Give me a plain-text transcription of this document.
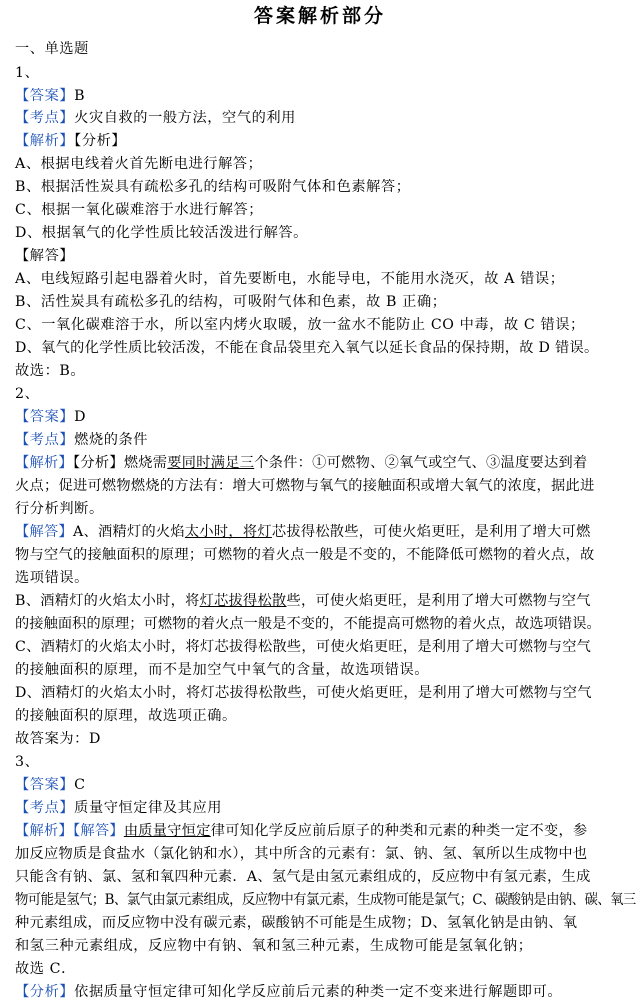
答案解析部分
一、单选题
1、
【答案】B
【考点】火灾自救的一般方法，空气的利用
【解析】【分析】
A、根据电线着火首先断电进行解答；
B、根据活性炭具有疏松多孔的结构可吸附气体和色素解答；
C、根据一氧化碳难溶于水进行解答；
D、根据氧气的化学性质比较活泼进行解答。
【解答】
A、电线短路引起电器着火时，首先要断电，水能导电，不能用水浇灭，故 A 错误；
B、活性炭具有疏松多孔的结构，可吸附气体和色素，故 B 正确；
C、一氧化碳难溶于水，所以室内烤火取暖，放一盆水不能防止 CO 中毒，故 C 错误；
D、氧气的化学性质比较活泼，不能在食品袋里充入氧气以延长食品的保持期，故 D 错误。
故选：B。
2、
【答案】D
【考点】燃烧的条件
【解析】【分析】燃烧需要同时满足三个条件：①可燃物、②氧气或空气、③温度要达到着
火点；促进可燃物燃烧的方法有：增大可燃物与氧气的接触面积或增大氧气的浓度，据此进
行分析判断。
【解答】A、酒精灯的火焰太小时，将灯芯拔得松散些，可使火焰更旺，是利用了增大可燃
物与空气的接触面积的原理；可燃物的着火点一般是不变的，不能降低可燃物的着火点，故
选项错误。
B、酒精灯的火焰太小时，将灯芯拔得松散些，可使火焰更旺，是利用了增大可燃物与空气
的接触面积的原理；可燃物的着火点一般是不变的，不能提高可燃物的着火点，故选项错误。
C、酒精灯的火焰太小时，将灯芯拔得松散些，可使火焰更旺，是利用了增大可燃物与空气
的接触面积的原理，而不是加空气中氧气的含量，故选项错误。
D、酒精灯的火焰太小时，将灯芯拔得松散些，可使火焰更旺，是利用了增大可燃物与空气
的接触面积的原理，故选项正确。
故答案为：D
3、
【答案】C
【考点】质量守恒定律及其应用
【解析】【解答】由质量守恒定律可知化学反应前后原子的种类和元素的种类一定不变，参
加反应物质是食盐水（氯化钠和水），其中所含的元素有：氯、钠、氢、氧所以生成物中也
只能含有钠、氯、氢和氧四种元素．A、氢气是由氢元素组成的，反应物中有氢元素，生成
物可能是氢气；B、氯气由氯元素组成，反应物中有氯元素，生成物可能是氯气；C、碳酸钠是由钠、碳、氧三
种元素组成，而反应物中没有碳元素，碳酸钠不可能是生成物；D、氢氧化钠是由钠、氧
和氢三种元素组成，反应物中有钠、氧和氢三种元素，生成物可能是氢氧化钠；
故选 C．
【分析】依据质量守恒定律可知化学反应前后元素的种类一定不变来进行解题即可。
